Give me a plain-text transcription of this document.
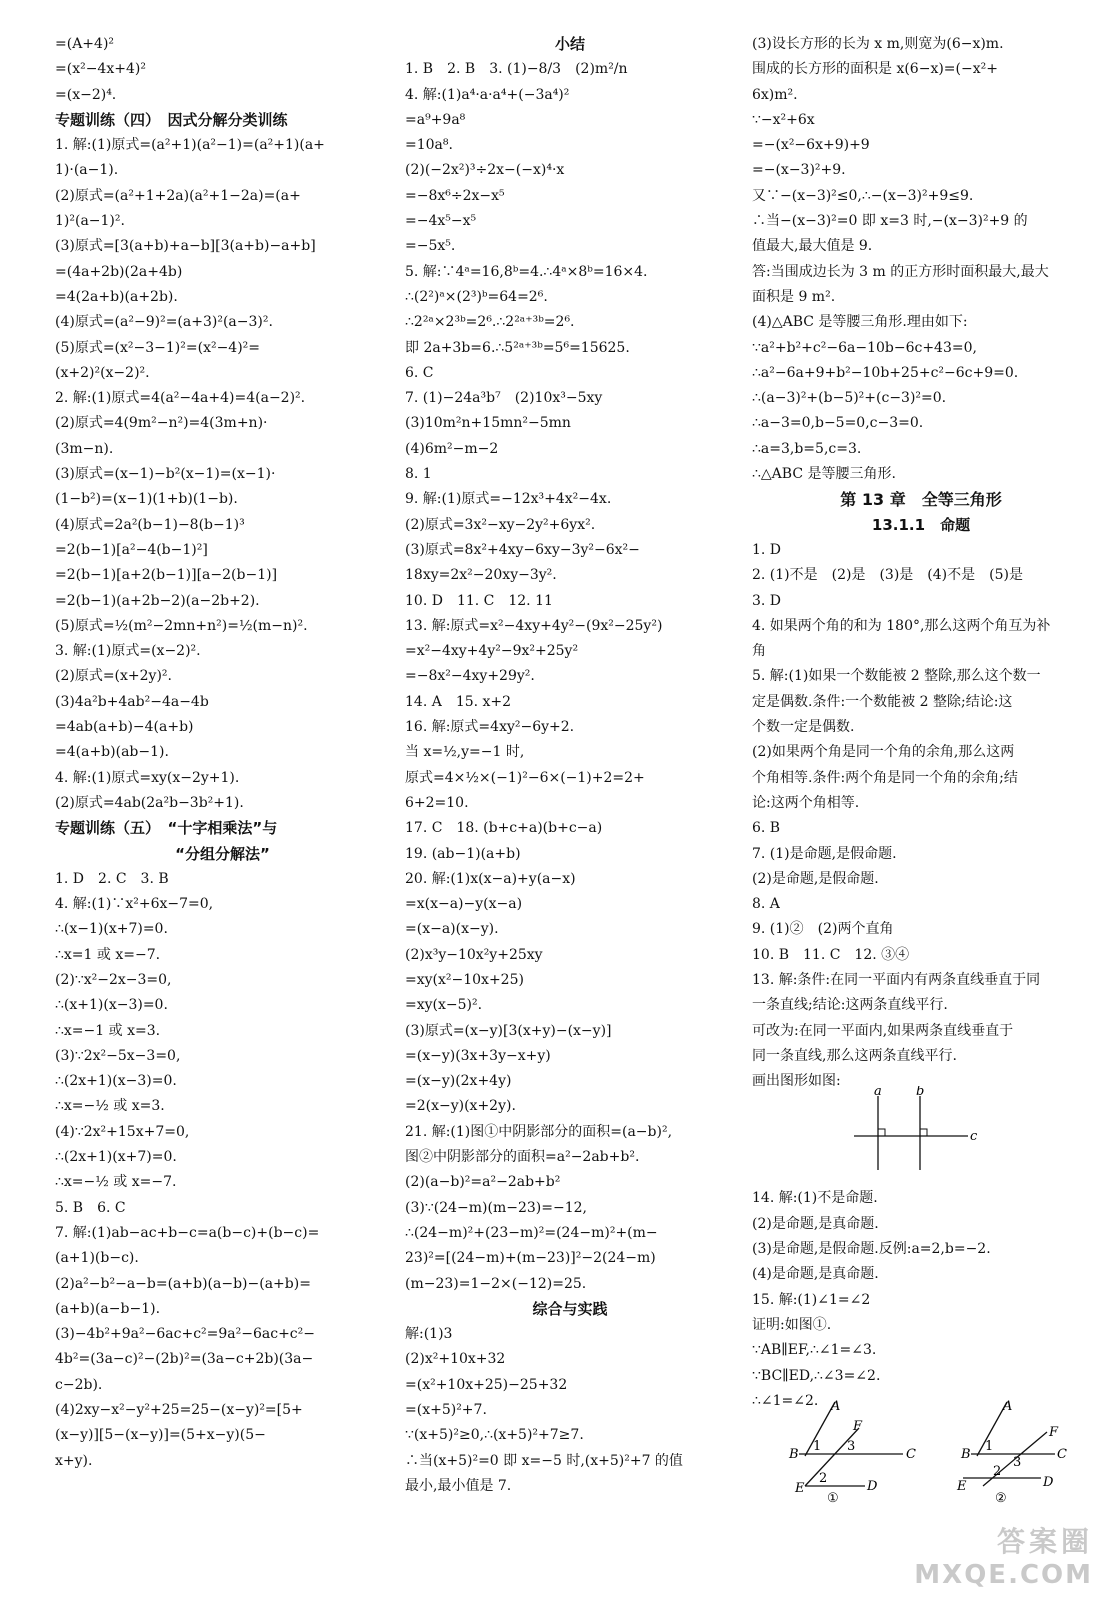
=(A+4)²
=(x²−4x+4)²
=(x−2)⁴.
专题训练（四）　因式分解分类训练
1. 解:(1)原式=(a²+1)(a²−1)=(a²+1)(a+
1)·(a−1).
(2)原式=(a²+1+2a)(a²+1−2a)=(a+
1)²(a−1)².
(3)原式=[3(a+b)+a−b][3(a+b)−a+b]
=(4a+2b)(2a+4b)
=4(2a+b)(a+2b).
(4)原式=(a²−9)²=(a+3)²(a−3)².
(5)原式=(x²−3−1)²=(x²−4)²=
(x+2)²(x−2)².
2. 解:(1)原式=4(a²−4a+4)=4(a−2)².
(2)原式=4(9m²−n²)=4(3m+n)·
(3m−n).
(3)原式=(x−1)−b²(x−1)=(x−1)·
(1−b²)=(x−1)(1+b)(1−b).
(4)原式=2a²(b−1)−8(b−1)³
=2(b−1)[a²−4(b−1)²]
=2(b−1)[a+2(b−1)][a−2(b−1)]
=2(b−1)(a+2b−2)(a−2b+2).
(5)原式=½(m²−2mn+n²)=½(m−n)².
3. 解:(1)原式=(x−2)².
(2)原式=(x+2y)².
(3)4a²b+4ab²−4a−4b
=4ab(a+b)−4(a+b)
=4(a+b)(ab−1).
4. 解:(1)原式=xy(x−2y+1).
(2)原式=4ab(2a²b−3b²+1).
专题训练（五）　“十字相乘法”与
“分组分解法”
1. D　2. C　3. B
4. 解:(1)∵x²+6x−7=0,
∴(x−1)(x+7)=0.
∴x=1 或 x=−7.
(2)∵x²−2x−3=0,
∴(x+1)(x−3)=0.
∴x=−1 或 x=3.
(3)∵2x²−5x−3=0,
∴(2x+1)(x−3)=0.
∴x=−½ 或 x=3.
(4)∵2x²+15x+7=0,
∴(2x+1)(x+7)=0.
∴x=−½ 或 x=−7.
5. B　6. C
7. 解:(1)ab−ac+b−c=a(b−c)+(b−c)=
(a+1)(b−c).
(2)a²−b²−a−b=(a+b)(a−b)−(a+b)=
(a+b)(a−b−1).
(3)−4b²+9a²−6ac+c²=9a²−6ac+c²−
4b²=(3a−c)²−(2b)²=(3a−c+2b)(3a−
c−2b).
(4)2xy−x²−y²+25=25−(x−y)²=[5+
(x−y)][5−(x−y)]=(5+x−y)(5−
x+y).
小结
1. B　2. B　3. (1)−8/3　(2)m²/n
4. 解:(1)a⁴·a·a⁴+(−3a⁴)²
=a⁹+9a⁸
=10a⁸.
(2)(−2x²)³÷2x−(−x)⁴·x
=−8x⁶÷2x−x⁵
=−4x⁵−x⁵
=−5x⁵.
5. 解:∵4ᵃ=16,8ᵇ=4.∴4ᵃ×8ᵇ=16×4.
∴(2²)ᵃ×(2³)ᵇ=64=2⁶.
∴2²ᵃ×2³ᵇ=2⁶.∴2²ᵃ⁺³ᵇ=2⁶.
即 2a+3b=6.∴5²ᵃ⁺³ᵇ=5⁶=15625.
6. C
7. (1)−24a³b⁷　(2)10x³−5xy
(3)10m²n+15mn²−5mn
(4)6m²−m−2
8. 1
9. 解:(1)原式=−12x³+4x²−4x.
(2)原式=3x²−xy−2y²+6yx².
(3)原式=8x²+4xy−6xy−3y²−6x²−
18xy=2x²−20xy−3y².
10. D　11. C　12. 11
13. 解:原式=x²−4xy+4y²−(9x²−25y²)
=x²−4xy+4y²−9x²+25y²
=−8x²−4xy+29y².
14. A　15. x+2
16. 解:原式=4xy²−6y+2.
当 x=½,y=−1 时,
原式=4×½×(−1)²−6×(−1)+2=2+
6+2=10.
17. C　18. (b+c+a)(b+c−a)
19. (ab−1)(a+b)
20. 解:(1)x(x−a)+y(a−x)
=x(x−a)−y(x−a)
=(x−a)(x−y).
(2)x³y−10x²y+25xy
=xy(x²−10x+25)
=xy(x−5)².
(3)原式=(x−y)[3(x+y)−(x−y)]
=(x−y)(3x+3y−x+y)
=(x−y)(2x+4y)
=2(x−y)(x+2y).
21. 解:(1)图①中阴影部分的面积=(a−b)²,
图②中阴影部分的面积=a²−2ab+b².
(2)(a−b)²=a²−2ab+b²
(3)∵(24−m)(m−23)=−12,
∴(24−m)²+(23−m)²=(24−m)²+(m−
23)²=[(24−m)+(m−23)]²−2(24−m)
(m−23)=1−2×(−12)=25.
综合与实践
解:(1)3
(2)x²+10x+32
=(x²+10x+25)−25+32
=(x+5)²+7.
∵(x+5)²≥0,∴(x+5)²+7≥7.
∴当(x+5)²=0 即 x=−5 时,(x+5)²+7 的值
最小,最小值是 7.
(3)设长方形的长为 x m,则宽为(6−x)m.
围成的长方形的面积是 x(6−x)=(−x²+
6x)m².
∵−x²+6x
=−(x²−6x+9)+9
=−(x−3)²+9.
又∵−(x−3)²≤0,∴−(x−3)²+9≤9.
∴当−(x−3)²=0 即 x=3 时,−(x−3)²+9 的
值最大,最大值是 9.
答:当围成边长为 3 m 的正方形时面积最大,最大
面积是 9 m².
(4)△ABC 是等腰三角形.理由如下:
∵a²+b²+c²−6a−10b−6c+43=0,
∴a²−6a+9+b²−10b+25+c²−6c+9=0.
∴(a−3)²+(b−5)²+(c−3)²=0.
∴a−3=0,b−5=0,c−3=0.
∴a=3,b=5,c=3.
∴△ABC 是等腰三角形.
第 13 章　全等三角形
13.1.1　命题
1. D
2. (1)不是　(2)是　(3)是　(4)不是　(5)是
3. D
4. 如果两个角的和为 180°,那么这两个角互为补
角
5. 解:(1)如果一个数能被 2 整除,那么这个数一
定是偶数.条件:一个数能被 2 整除;结论:这
个数一定是偶数.
(2)如果两个角是同一个角的余角,那么这两
个角相等.条件:两个角是同一个角的余角;结
论:这两个角相等.
6. B
7. (1)是命题,是假命题.
(2)是命题,是假命题.
8. A
9. (1)②　(2)两个直角
10. B　11. C　12. ③④
13. 解:条件:在同一平面内有两条直线垂直于同
一条直线;结论:这两条直线平行.
可改为:在同一平面内,如果两条直线垂直于
同一条直线,那么这两条直线平行.
画出图形如图:
14. 解:(1)不是命题.
(2)是命题,是真命题.
(3)是命题,是假命题.反例:a=2,b=−2.
(4)是命题,是真命题.
15. 解:(1)∠1=∠2
证明:如图①.
∵AB∥EF,∴∠1=∠3.
∵BC∥ED,∴∠3=∠2.
∴∠1=∠2.
a	b
c
A
F
B
1 3
C
2
E	D
①
A
F
B
1
3
C
2
E	D
②
答案圈
MXQE.COM
